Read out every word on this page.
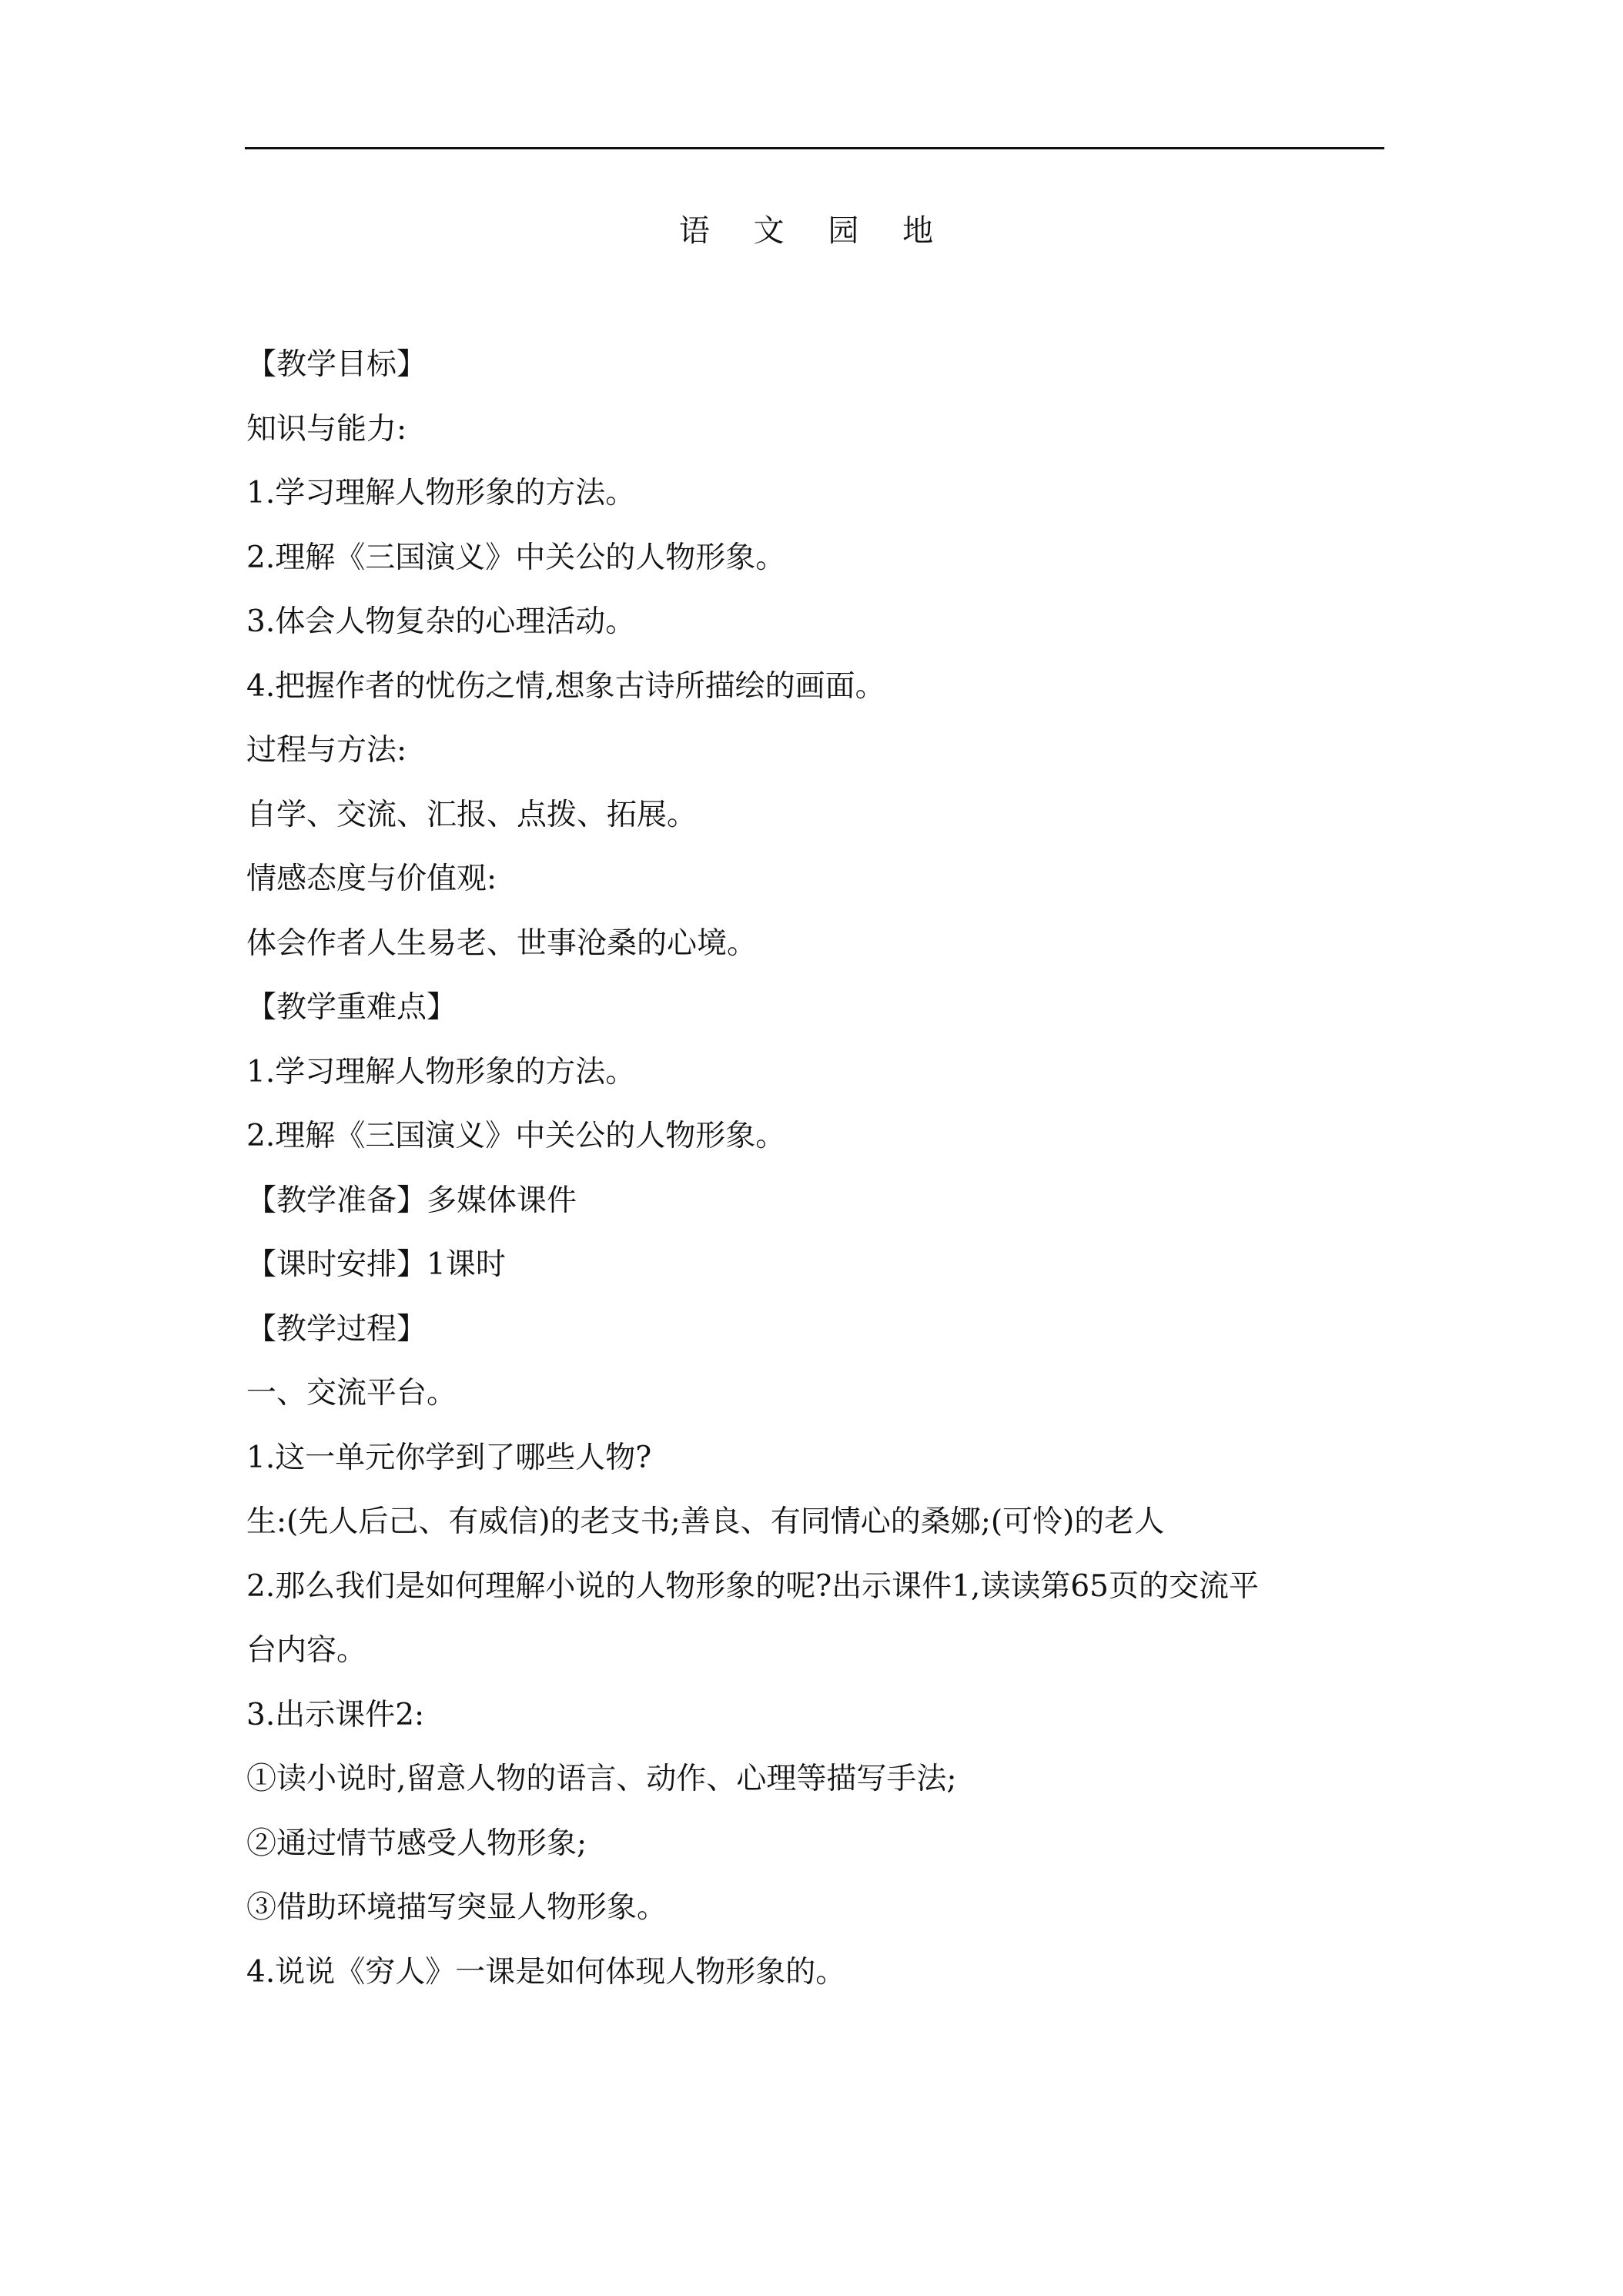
语 文 园 地
【教学目标】
知识与能力:
1.学习理解人物形象的方法。
2.理解《三国演义》中关公的人物形象。
3.体会人物复杂的心理活动。
4.把握作者的忧伤之情,想象古诗所描绘的画面。
过程与方法:
自学、交流、汇报、点拨、拓展。
情感态度与价值观:
体会作者人生易老、世事沧桑的心境。
【教学重难点】
1.学习理解人物形象的方法。
2.理解《三国演义》中关公的人物形象。
【教学准备】多媒体课件
【课时安排】1课时
【教学过程】
一、交流平台。
1.这一单元你学到了哪些人物?
生:(先人后己、有威信)的老支书;善良、有同情心的桑娜;(可怜)的老人
2.那么我们是如何理解小说的人物形象的呢?出示课件1,读读第65页的交流平
台内容。
3.出示课件2:
①读小说时,留意人物的语言、动作、心理等描写手法;
②通过情节感受人物形象;
③借助环境描写突显人物形象。
4.说说《穷人》一课是如何体现人物形象的。
